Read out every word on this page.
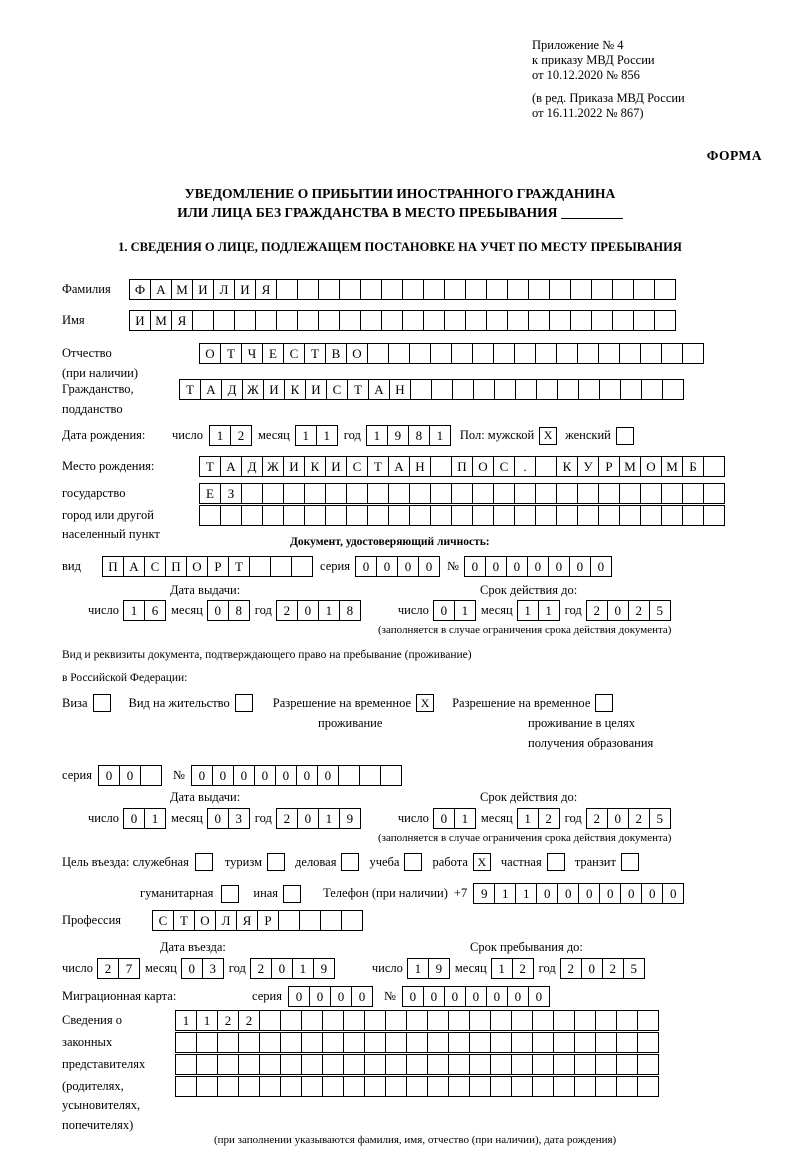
Приложение № 4
к приказу МВД России
от 10.12.2020 № 856
(в ред. Приказа МВД России
от 16.11.2022 № 867)
ФОРМА
УВЕДОМЛЕНИЕ О ПРИБЫТИИ ИНОСТРАННОГО ГРАЖДАНИНА
ИЛИ ЛИЦА БЕЗ ГРАЖДАНСТВА В МЕСТО ПРЕБЫВАНИЯ
1. СВЕДЕНИЯ О ЛИЦЕ, ПОДЛЕЖАЩЕМ ПОСТАНОВКЕ НА УЧЕТ ПО МЕСТУ ПРЕБЫВАНИЯ
Фамилия	Ф А М И Л И Я
Имя	И М Я
Отчество	О Т Ч Е С Т В О
(при наличии)
Гражданство,	Т А Д Ж И К И С Т А Н
подданство
Дата рождения:	число	1	2	месяц 1	1	год 1	9	8	1	Пол: мужской X	женский
Место рождения:	Т А Д Ж И К И С Т А Н	П О С	.	К У Р М О М Б
государство	Е	З
город или другой
населенный пункт
Документ, удостоверяющий личность:
вид	П А С П О Р	Т	серия 0	0	0	0	№ 0	0	0	0	0	0	0
Дата выдачи:	Срок действия до:
число 1	6	месяц 0	8	год 2	0	1	8	число 0	1	месяц 1	1	год 2	0	2	5
(заполняется в случае ограничения срока действия документа)
Вид и реквизиты документа, подтверждающего право на пребывание (проживание)
в Российской Федерации:
Виза	Вид на жительство	Разрешение на временное X	Разрешение на временное
проживание	проживание в целях
получения образования
серия	0	0	№	0	0	0	0	0	0	0
Дата выдачи:	Срок действия до:
число 0	1	месяц 0	3	год 2	0	1	9	число 0	1	месяц 1	2	год 2	0	2	5
(заполняется в случае ограничения срока действия документа)
Цель въезда: служебная	туризм	деловая	учеба	работа X	частная	транзит
гуманитарная	иная	Телефон (при наличии) +7	9	1	1	0	0	0	0	0	0	0
Профессия	С Т О Л Я	Р
Дата въезда:	Срок пребывания до:
число 2	7	месяц 0	3	год 2	0	1	9	число 1	9	месяц 1	2	год 2	0	2	5
Миграционная карта:	серия	0	0	0	0	№	0	0	0	0	0	0	0
Сведения о	1	1	2	2
законных
представителях
(родителях,
усыновителях,
попечителях)
(при заполнении указываются фамилия, имя, отчество (при наличии), дата рождения)
